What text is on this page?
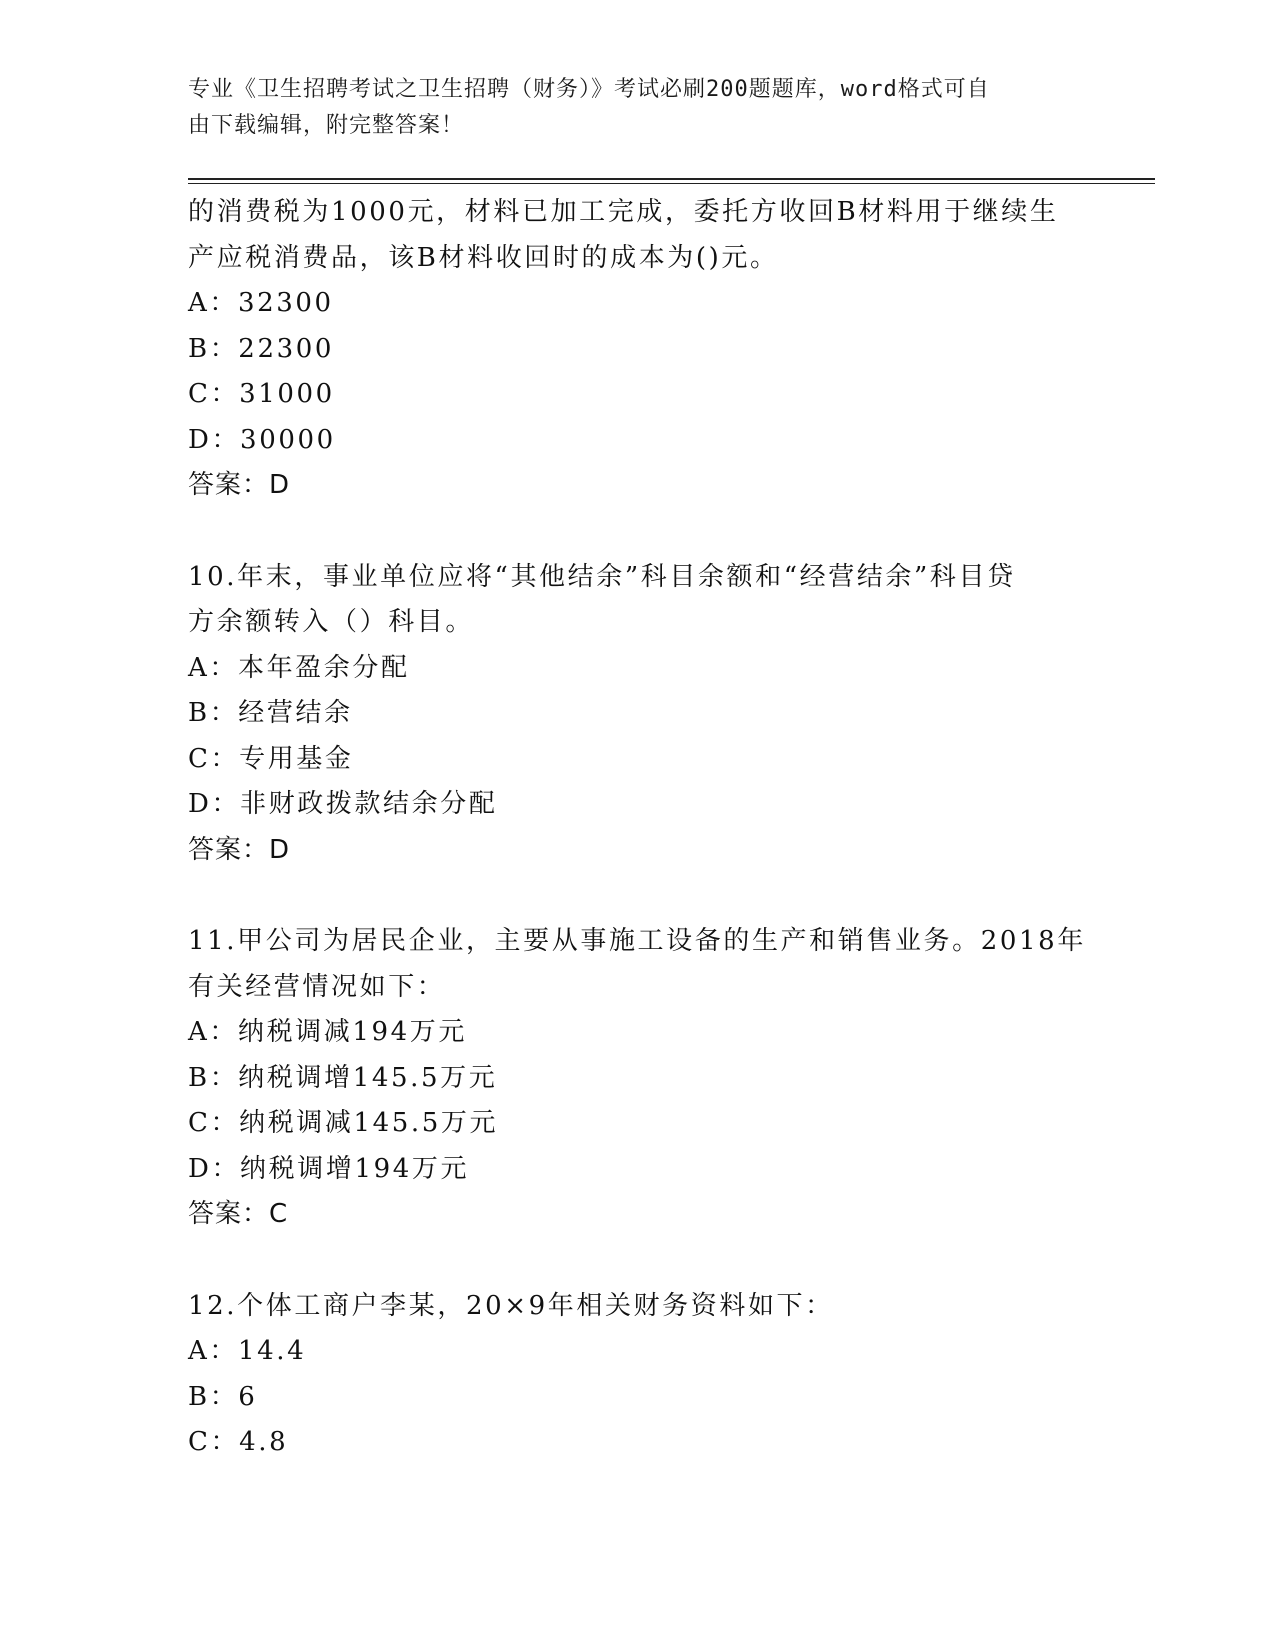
专业《卫生招聘考试之卫生招聘（财务）》考试必刷200题题库，word格式可自
由下载编辑，附完整答案！
的消费税为1000元，材料已加工完成，委托方收回B材料用于继续生
产应税消费品，该B材料收回时的成本为()元。
A：32300
B：22300
C：31000
D：30000
答案：D
10.年末，事业单位应将“其他结余”科目余额和“经营结余”科目贷
方余额转入（）科目。
A：本年盈余分配
B：经营结余
C：专用基金
D：非财政拨款结余分配
答案：D
11.甲公司为居民企业，主要从事施工设备的生产和销售业务。2018年
有关经营情况如下：
A：纳税调减194万元
B：纳税调增145.5万元
C：纳税调减145.5万元
D：纳税调增194万元
答案：C
12.个体工商户李某，20×9年相关财务资料如下：
A：14.4
B：6
C：4.8
